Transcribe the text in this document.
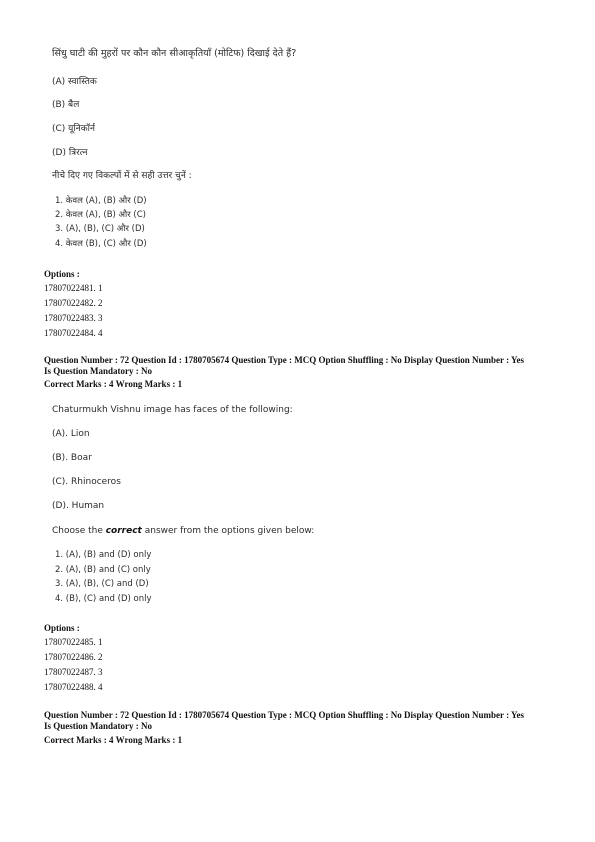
सिंधु घाटी की मुहरों पर कौन कौन सीआकृतियाँ (मोटिफ) दिखाई देते हैं?
(A) स्वास्तिक
(B) बैल
(C) यूनिकॉर्न
(D) त्रिरत्न
नीचे दिए गए विकल्पों में से सही उत्तर चुनें :
1. केवल (A), (B) और (D)
2. केवल (A), (B) और (C)
3. (A), (B), (C) और (D)
4. केवल (B), (C) और (D)
Options :
17807022481. 1
17807022482. 2
17807022483. 3
17807022484. 4
Question Number : 72 Question Id : 1780705674 Question Type : MCQ Option Shuffling : No Display Question Number : Yes
Is Question Mandatory : No
Correct Marks : 4 Wrong Marks : 1
Chaturmukh Vishnu image has faces of the following:
(A). Lion
(B). Boar
(C). Rhinoceros
(D). Human
Choose the correct answer from the options given below:
1. (A), (B) and (D) only
2. (A), (B) and (C) only
3. (A), (B), (C) and (D)
4. (B), (C) and (D) only
Options :
17807022485. 1
17807022486. 2
17807022487. 3
17807022488. 4
Question Number : 72 Question Id : 1780705674 Question Type : MCQ Option Shuffling : No Display Question Number : Yes
Is Question Mandatory : No
Correct Marks : 4 Wrong Marks : 1
